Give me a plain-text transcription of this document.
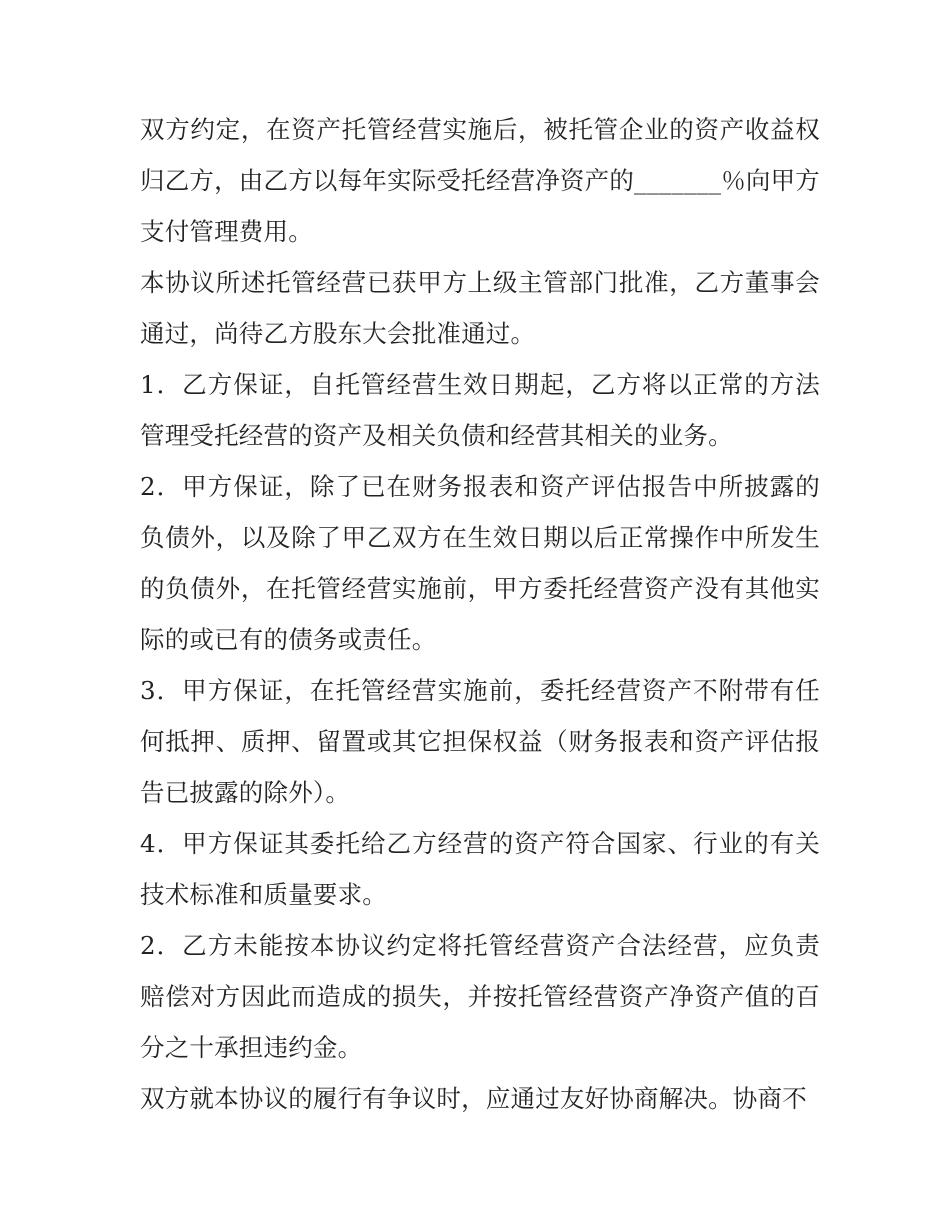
双方约定，在资产托管经营实施后，被托管企业的资产收益权归乙方，由乙方以每年实际受托经营净资产的_______％向甲方支付管理费用。

本协议所述托管经营已获甲方上级主管部门批准，乙方董事会通过，尚待乙方股东大会批准通过。

1．乙方保证，自托管经营生效日期起，乙方将以正常的方法管理受托经营的资产及相关负债和经营其相关的业务。

2．甲方保证，除了已在财务报表和资产评估报告中所披露的负债外，以及除了甲乙双方在生效日期以后正常操作中所发生的负债外，在托管经营实施前，甲方委托经营资产没有其他实际的或已有的债务或责任。

3．甲方保证，在托管经营实施前，委托经营资产不附带有任何抵押、质押、留置或其它担保权益（财务报表和资产评估报告已披露的除外）。

4．甲方保证其委托给乙方经营的资产符合国家、行业的有关技术标准和质量要求。

2．乙方未能按本协议约定将托管经营资产合法经营，应负责赔偿对方因此而造成的损失，并按托管经营资产净资产值的百分之十承担违约金。

双方就本协议的履行有争议时，应通过友好协商解决。协商不
